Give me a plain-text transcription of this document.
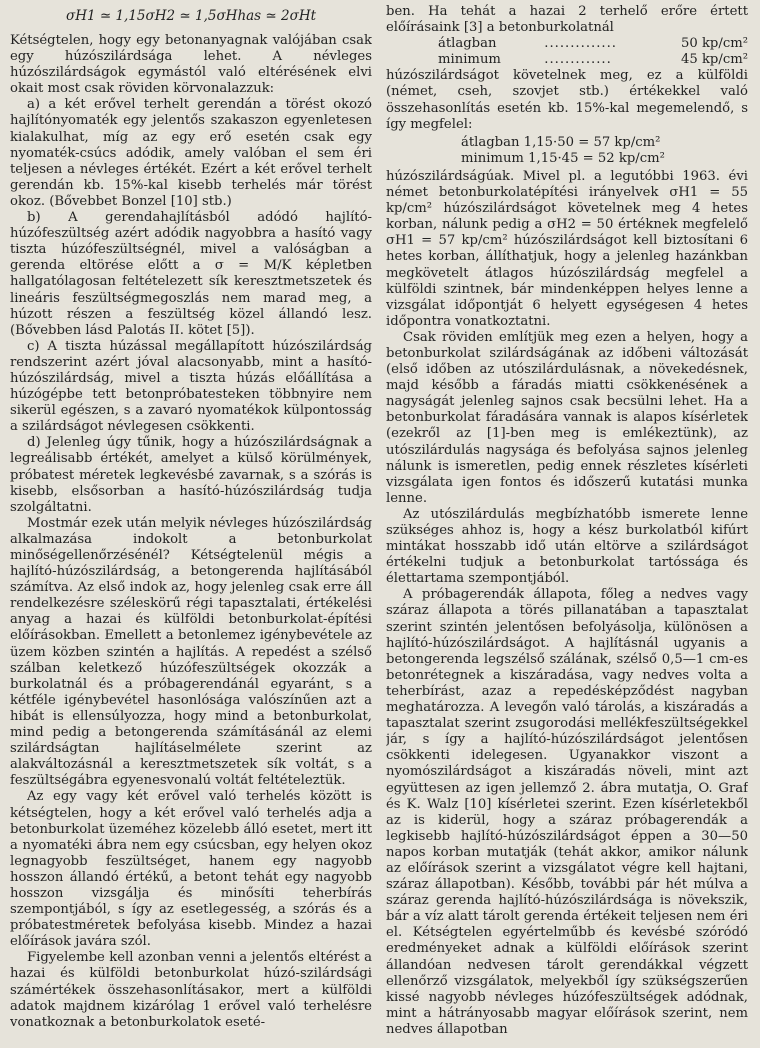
σH1 ≃ 1,15σH2 ≃ 1,5σHhas ≃ 2σHt

Kétségtelen, hogy egy betonanyagnak valójában csak egy húzószilárdsága lehet. A névleges húzószilárdságok egymástól való eltérésének elvi okait most csak röviden körvonalazzuk:

a) a két erővel terhelt gerendán a törést okozó hajlítónyomaték egy jelentős szakaszon egyenletesen kialakulhat, míg az egy erő esetén csak egy nyomaték-csúcs adódik, amely valóban el sem éri teljesen a névleges értékét. Ezért a két erővel terhelt gerendán kb. 15%-kal kisebb terhelés már törést okoz. (Bővebbet Bonzel [10] stb.)

b) A gerendahajlításból adódó hajlító-húzófeszültség azért adódik nagyobbra a hasító vagy tiszta húzófeszültségnél, mivel a valóságban a gerenda eltörése előtt a σ = M/K képletben hallgatólagosan feltételezett sík keresztmetszetek és lineáris feszültségmegoszlás nem marad meg, a húzott részen a feszültség közel állandó lesz. (Bővebben lásd Palotás II. kötet [5]).

c) A tiszta húzással megállapított húzószilárdság rendszerint azért jóval alacsonyabb, mint a hasító-húzószilárdság, mivel a tiszta húzás előállítása a húzógépbe tett betonpróbatesteken többnyire nem sikerül egészen, s a zavaró nyomatékok külpontosság a szilárdságot névlegesen csökkenti.

d) Jelenleg úgy tűnik, hogy a húzószilárdságnak a legreálisabb értékét, amelyet a külső körülmények, próbatest méretek legkevésbé zavarnak, s a szórás is kisebb, elsősorban a hasító-húzószilárdság tudja szolgáltatni.

Mostmár ezek után melyik névleges húzószilárdság alkalmazása indokolt a betonburkolat minőségellenőrzésénél? Kétségtelenül mégis a hajlító-húzószilárdság, a betongerenda hajlításából számítva. Az első indok az, hogy jelenleg csak erre áll rendelkezésre széleskörű régi tapasztalati, értékelési anyag a hazai és külföldi betonburkolat-építési előírásokban. Emellett a betonlemez igénybevétele az üzem közben szintén a hajlítás. A repedést a szélső szálban keletkező húzófeszültségek okozzák a burkolatnál és a próbagerendánál egyaránt, s a kétféle igénybevétel hasonlósága valószínűen azt a hibát is ellensúlyozza, hogy mind a betonburkolat, mind pedig a betongerenda számításánál az elemi szilárdságtan hajlításelmélete szerint az alakváltozásnál a keresztmetszetek sík voltát, s a feszültségábra egyenesvonalú voltát feltételeztük.

Az egy vagy két erővel való terhelés között is kétségtelen, hogy a két erővel való terhelés adja a betonburkolat üzeméhez közelebb álló esetet, mert itt a nyomatéki ábra nem egy csúcsban, egy helyen okoz legnagyobb feszültséget, hanem egy nagyobb hosszon állandó értékű, a betont tehát egy nagyobb hosszon vizsgálja és minősíti teherbírás szempontjából, s így az esetlegesség, a szórás és a próbatestméretek befolyása kisebb. Mindez a hazai előírások javára szól.

Figyelembe kell azonban venni a jelentős eltérést a hazai és külföldi betonburkolat húzó-szilárdsági számértékek összehasonlításakor, mert a külföldi adatok majdnem kizárólag 1 erővel való terhelésre vonatkoznak a betonburkolatok eseté-

ben. Ha tehát a hazai 2 terhelő erőre értett előírásaink [3] a betonburkolatnál

átlagban	..............	50 kp/cm²
minimum	.............	45 kp/cm²

húzószilárdságot követelnek meg, ez a külföldi (német, cseh, szovjet stb.) értékekkel való összehasonlítás esetén kb. 15%-kal megemelendő, s így megfelel:

átlagban 1,15·50 = 57 kp/cm²
minimum 1,15·45 = 52 kp/cm²

húzószilárdságúak. Mivel pl. a legutóbbi 1963. évi német betonburkolatépítési irányelvek σH1 = 55 kp/cm² húzószilárdságot követelnek meg 4 hetes korban, nálunk pedig a σH2 = 50 értéknek megfelelő σH1 = 57 kp/cm² húzószilárdságot kell biztosítani 6 hetes korban, állíthatjuk, hogy a jelenleg hazánkban megkövetelt átlagos húzószilárdság megfelel a külföldi szintnek, bár mindenképpen helyes lenne a vizsgálat időpontját 6 helyett egységesen 4 hetes időpontra vonatkoztatni.

Csak röviden említjük meg ezen a helyen, hogy a betonburkolat szilárdságának az időbeni változását (első időben az utószilárdulásnak, a növekedésnek, majd később a fáradás miatti csökkenésének a nagyságát jelenleg sajnos csak becsülni lehet. Ha a betonburkolat fáradására vannak is alapos kísérletek (ezekről az [1]-ben meg is emlékeztünk), az utószilárdulás nagysága és befolyása sajnos jelenleg nálunk is ismeretlen, pedig ennek részletes kísérleti vizsgálata igen fontos és időszerű kutatási munka lenne.

Az utószilárdulás megbízhatóbb ismerete lenne szükséges ahhoz is, hogy a kész burkolatból kifúrt mintákat hosszabb idő után eltörve a szilárdságot értékelni tudjuk a betonburkolat tartóssága és élettartama szempontjából.

A próbagerendák állapota, főleg a nedves vagy száraz állapota a törés pillanatában a tapasztalat szerint szintén jelentősen befolyásolja, különösen a hajlító-húzószilárdságot. A hajlításnál ugyanis a betongerenda legszélső szálának, szélső 0,5—1 cm-es betonrétegnek a kiszáradása, vagy nedves volta a teherbírást, azaz a repedésképződést nagyban meghatározza. A levegőn való tárolás, a kiszáradás a tapasztalat szerint zsugorodási mellékfeszültségekkel jár, s így a hajlító-húzószilárdságot jelentősen csökkenti idelegesen. Ugyanakkor viszont a nyomószilárdságot a kiszáradás növeli, mint azt együttesen az igen jellemző 2. ábra mutatja, O. Graf és K. Walz [10] kísérletei szerint. Ezen kísérletekből az is kiderül, hogy a száraz próbagerendák a legkisebb hajlító-húzószilárdságot éppen a 30—50 napos korban mutatják (tehát akkor, amikor nálunk az előírások szerint a vizsgálatot végre kell hajtani, száraz állapotban). Később, további pár hét múlva a száraz gerenda hajlító-húzószilárdsága is növekszik, bár a víz alatt tárolt gerenda értékeit teljesen nem éri el. Kétségtelen egyértelműbb és kevésbé szóródó eredményeket adnak a külföldi előírások szerint állandóan nedvesen tárolt gerendákkal végzett ellenőrző vizsgálatok, melyekből így szükségszerűen kissé nagyobb névleges húzófeszültségek adódnak, mint a hátrányosabb magyar előírások szerint, nem nedves állapotban
